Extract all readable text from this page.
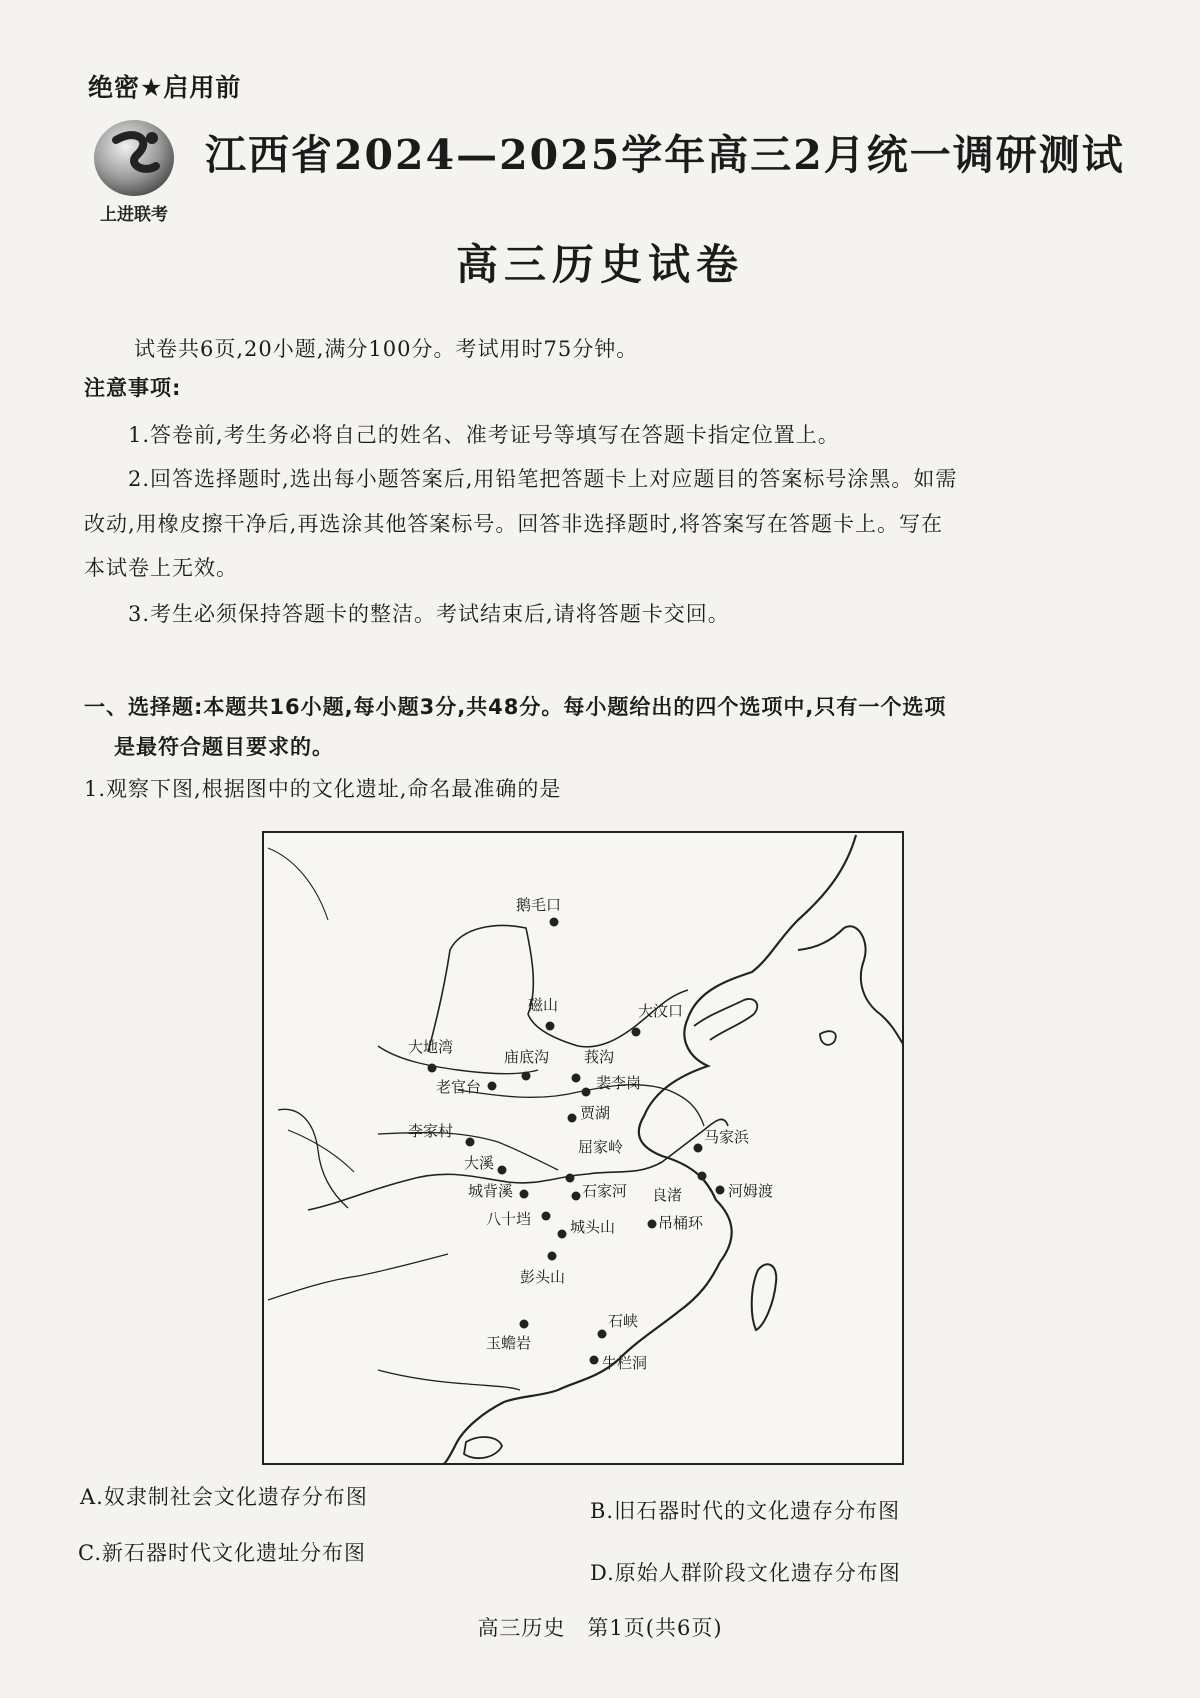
绝密★启用前
上进联考
江西省2024—2025学年高三2月统一调研测试
高三历史试卷
试卷共6页,20小题,满分100分。考试用时75分钟。
注意事项:
1.答卷前,考生务必将自己的姓名、准考证号等填写在答题卡指定位置上。
2.回答选择题时,选出每小题答案后,用铅笔把答题卡上对应题目的答案标号涂黑。如需
改动,用橡皮擦干净后,再选涂其他答案标号。回答非选择题时,将答案写在答题卡上。写在
本试卷上无效。
3.考生必须保持答题卡的整洁。考试结束后,请将答题卡交回。
一、选择题:本题共16小题,每小题3分,共48分。每小题给出的四个选项中,只有一个选项
是最符合题目要求的。
1.观察下图,根据图中的文化遗址,命名最准确的是
鹅毛口
磁山	大汶口
大地湾
庙底沟 莪沟
老官台	裴李岗
贾湖
李家村
大溪
屈家岭
马家浜
城背溪	石家河 良渚	河姆渡
八十垱	城头山	吊桶环
彭头山
玉蟾岩
石峡
牛栏洞
A.奴隶制社会文化遗存分布图
B.旧石器时代的文化遗存分布图
C.新石器时代文化遗址分布图
D.原始人群阶段文化遗存分布图
高三历史　第1页(共6页)
